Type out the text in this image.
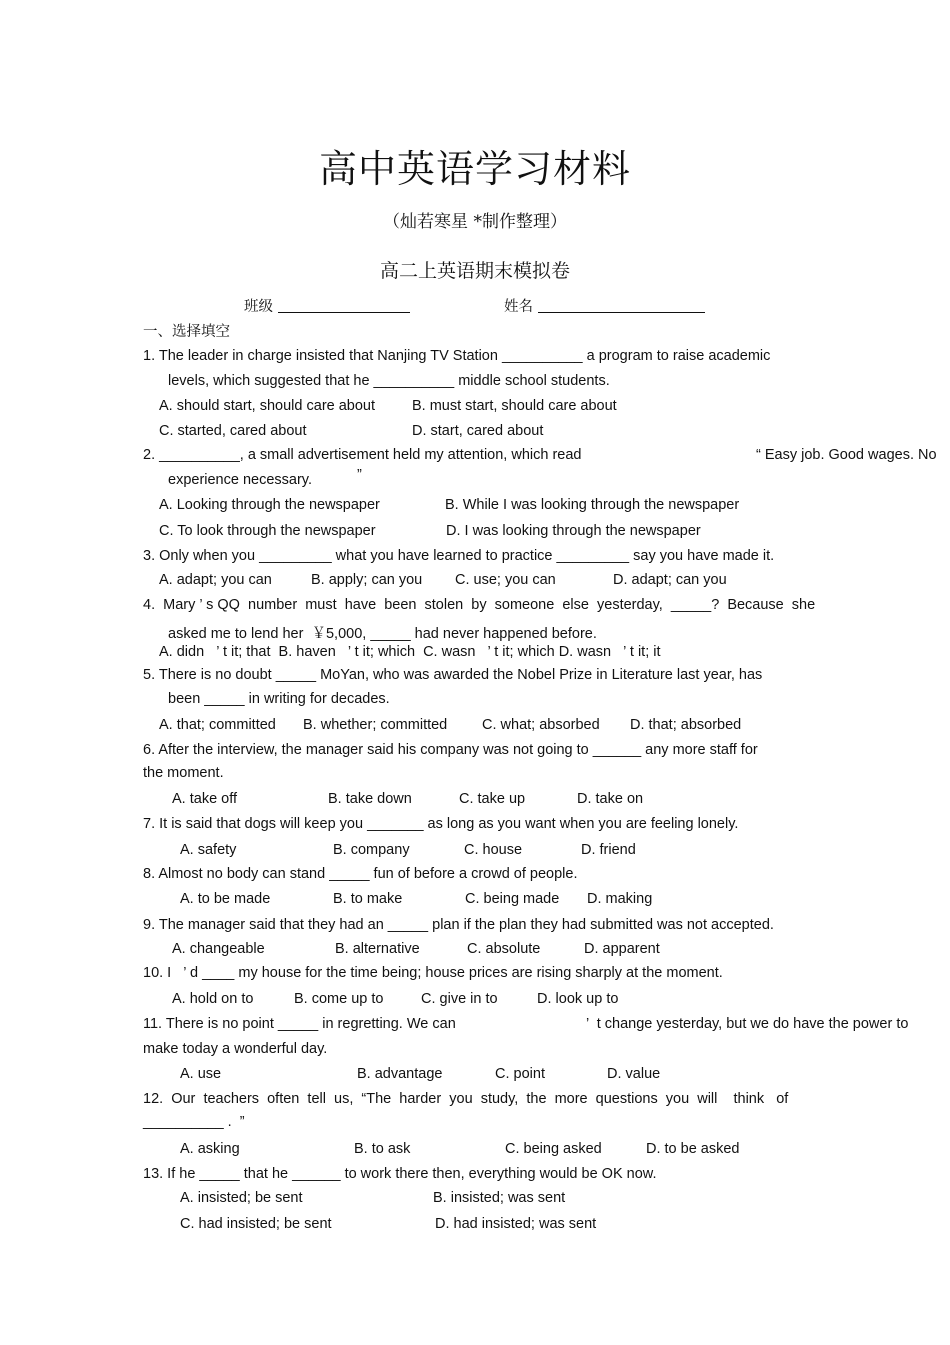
高中英语学习材料
（灿若寒星 *制作整理）
高二上英语期末模拟卷
班级	姓名
一、选择填空
1. The leader in charge insisted that Nanjing TV Station __________ a program to raise academic
levels, which suggested that he __________ middle school students.
A. should start, should care about	B. must start, should care about
C. started, cared about	D. start, cared about
2. __________, a small advertisement held my attention, which read	“ Easy job. Good wages. No
experience necessary.	”
A. Looking through the newspaper	B. While I was looking through the newspaper
C. To look through the newspaper	D. I was looking through the newspaper
3. Only when you _________ what you have learned to practice _________ say you have made it.
A. adapt; you can	B. apply; can you C. use; you can	D. adapt; can you
4.  Mary ’ s QQ  number  must  have  been  stolen  by  someone  else  yesterday,  _____?  Because  she
asked me to lend her  ￥5,000, _____ had never happened before.
A. didn   ’ t it; that  B. haven   ’ t it; which  C. wasn   ’ t it; which D. wasn   ’ t it; it
5. There is no doubt _____ MoYan, who was awarded the Nobel Prize in Literature last year, has
been _____ in writing for decades.
A. that; committed B. whether; committed C. what; absorbed D. that; absorbed
6. After the interview, the manager said his company was not going to ______ any more staff for
the moment.
A. take off	B. take down	C. take up	D. take on
7. It is said that dogs will keep you _______ as long as you want when you are feeling lonely.
A. safety	B. company	C. house	D. friend
8. Almost no body can stand _____ fun of before a crowd of people.
A. to be made	B. to make	C. being made D. making
9. The manager said that they had an _____ plan if the plan they had submitted was not accepted.
A. changeable	B. alternative	C. absolute	D. apparent
10. I   ’ d ____ my house for the time being; house prices are rising sharply at the moment.
A. hold on to	B. come up to	C. give in to	D. look up to
11. There is no point _____ in regretting. We can	’  t change yesterday, but we do have the power to
make today a wonderful day.
A. use	B. advantage	C. point	D. value
12.  Our  teachers  often  tell  us,  “The  harder  you  study,  the  more  questions  you  will    think   of
__________ .  ”
A. asking	B. to ask	C. being asked	D. to be asked
13. If he _____ that he ______ to work there then, everything would be OK now.
A. insisted; be sent	B. insisted; was sent
C. had insisted; be sent	D. had insisted; was sent
